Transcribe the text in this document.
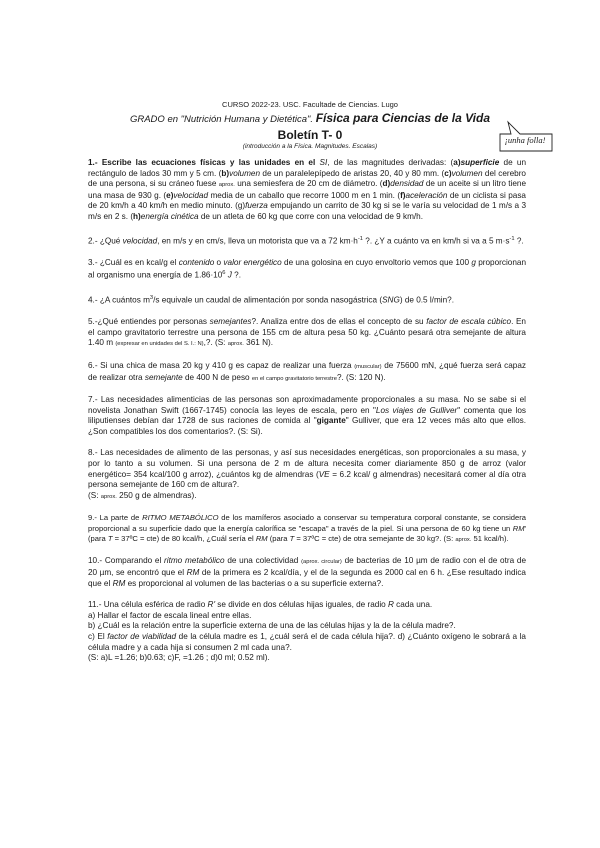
CURSO 2022-23. USC. Facultade de Ciencias. Lugo
GRADO en "Nutrición Humana y Dietética". Física para Ciencias de la Vida
Boletín T- 0
(introducción a la Física. Magnitudes. Escalas)
¡unha folla!

1.- Escribe las ecuaciones físicas y las unidades en el SI, de las magnitudes derivadas: (a)superficie de un rectángulo de lados 30 mm y 5 cm. (b)volumen de un paralelepípedo de aristas 20, 40 y 80 mm. (c)volumen del cerebro de una persona, si su cráneo fuese aprox. una semiesfera de 20 cm de diámetro. (d)densidad de un aceite si un litro tiene una masa de 930 g. (e)velocidad media de un caballo que recorre 1000 m en 1 min. (f)aceleración de un ciclista si pasa de 20 km/h a 40 km/h en medio minuto. (g)fuerza empujando un carrito de 30 kg si se le varía su velocidad de 1 m/s a 3 m/s en 2 s. (h)energía cinética de un atleta de 60 kg que corre con una velocidad de 9 km/h.

2.- ¿Qué velocidad, en m/s y en cm/s, lleva un motorista que va a 72 $km\cdot h^{-1}$ ?. ¿Y a cuánto va en km/h si va a 5 $m\cdot s^{-1}$ ?.

3.- ¿Cuál es en kcal/g el contenido o valor energético de una golosina en cuyo envoltorio vemos que 100 g proporcionan al organismo una energía de $1.86\cdot 10^6$ J ?.

4.- ¿A cuántos $m^3/s$ equivale un caudal de alimentación por sonda nasogástrica (SNG) de 0.5 l/min?.

5.-¿Qué entiendes por personas semejantes?. Analiza entre dos de ellas el concepto de su factor de escala cúbico. En el campo gravitatorio terrestre una persona de 155 cm de altura pesa 50 kg. ¿Cuánto pesará otra semejante de altura 1.40 m (expresar en unidades del S. I.: N),?. (S: aprox. 361 N).

6.- Si una chica de masa 20 kg y 410 g es capaz de realizar una fuerza (muscular) de 75600 mN, ¿qué fuerza será capaz de realizar otra semejante de 400 N de peso en el campo gravitatorio terrestre?. (S: 120 N).

7.- Las necesidades alimenticias de las personas son aproximadamente proporcionales a su masa. No se sabe si el novelista Jonathan Swift (1667-1745) conocía las leyes de escala, pero en "Los viajes de Gulliver" comenta que los liliputienses debían dar 1728 de sus raciones de comida al "gigante" Gulliver, que era 12 veces más alto que ellos. ¿Son compatibles los dos comentarios?. (S: Si).

8.- Las necesidades de alimento de las personas, y así sus necesidades energéticas, son proporcionales a su masa, y por lo tanto a su volumen. Si una persona de 2 m de altura necesita comer diariamente 850 g de arroz (valor energético= 354 kcal/100 g arroz), ¿cuántos kg de almendras (VE = 6.2 kcal/ g almendras) necesitará comer al día otra persona semejante de 160 cm de altura?.
(S: aprox. 250 g de almendras).

9.- La parte de RITMO METABÓLICO de los mamíferos asociado a conservar su temperatura corporal constante, se considera proporcional a su superficie dado que la energía calorífica se "escapa" a través de la piel. Si una persona de 60 kg tiene un RM' (para T = 37ºC = cte) de 80 kcal/h, ¿Cuál sería el RM (para T = 37ºC = cte) de otra semejante de 30 kg?. (S: aprox. 51 kcal/h).

10.- Comparando el ritmo metabólico de una colectividad (aprox. circular) de bacterias de 10 µm de radio con el de otra de 20 µm, se encontró que el RM de la primera es 2 kcal/día, y el de la segunda es 2000 cal en 6 h. ¿Ese resultado indica que el RM es proporcional al volumen de las bacterias o a su superficie externa?.

11.- Una célula esférica de radio R' se divide en dos células hijas iguales, de radio R cada una.
a) Hallar el factor de escala lineal entre ellas.
b) ¿Cuál es la relación entre la superficie externa de una de las células hijas y la de la célula madre?.
c) El factor de viabilidad de la célula madre es 1, ¿cuál será el de cada célula hija?. d) ¿Cuánto oxígeno le sobrará a la célula madre y a cada hija si consumen 2 ml cada una?.
(S: a)L =1.26; b)0.63; c)F, =1.26 ; d)0 ml; 0.52 ml).
